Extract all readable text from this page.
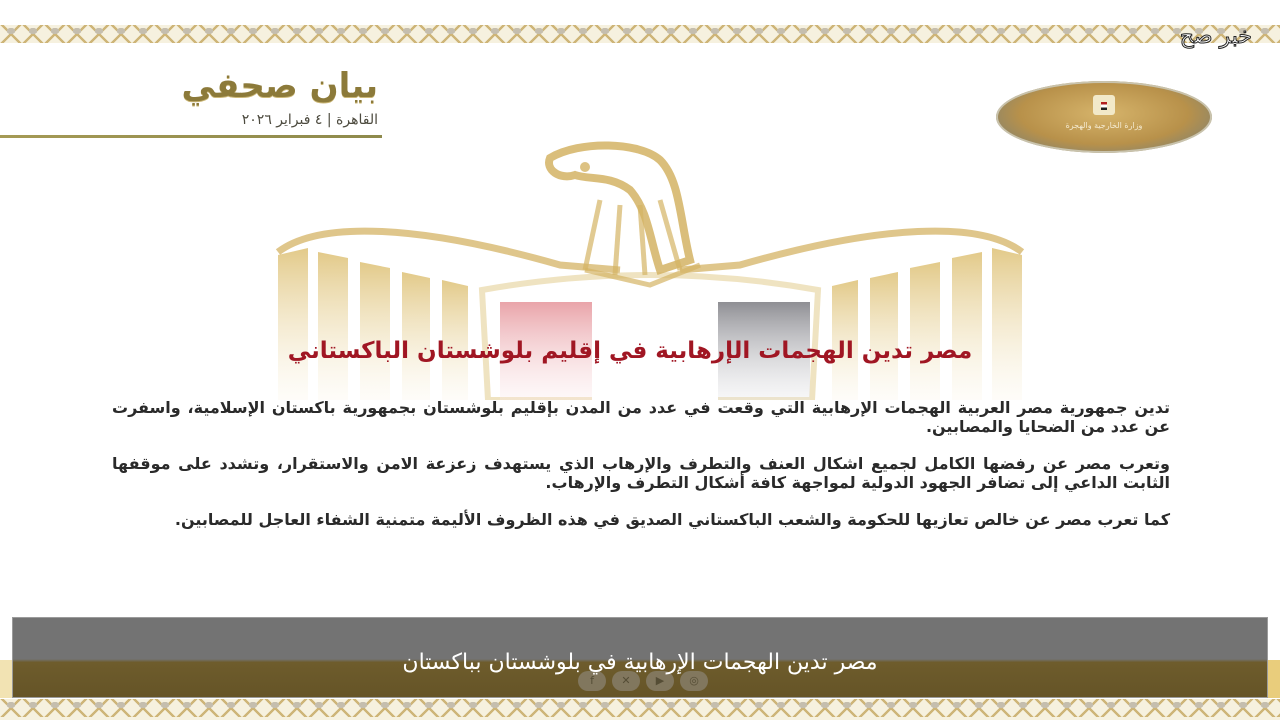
خبر صح
بيان صحفي
القاهرة | ٤ فبراير ٢٠٢٦	وزارة الخارجية والهجرة
مصر تدين الهجمات الإرهابية في إقليم بلوشستان الباكستاني

تدين جمهورية مصر العربية الهجمات الإرهابية التي وقعت في عدد من المدن بإقليم بلوشستان بجمهورية باكستان الإسلامية، واسفرت عن عدد من الضحايا والمصابين.

وتعرب مصر عن رفضها الكامل لجميع اشكال العنف والتطرف والإرهاب الذي يستهدف زعزعة الامن والاستقرار، وتشدد على موقفها الثابت الداعي إلى تضافر الجهود الدولية لمواجهة كافة أشكال التطرف والإرهاب.

كما تعرب مصر عن خالص تعازيها للحكومة والشعب الباكستاني الصديق في هذه الظروف الأليمة متمنية الشفاء العاجل للمصابين.

f	✕	▶	◎
مصر تدين الهجمات الإرهابية في بلوشستان بباكستان
